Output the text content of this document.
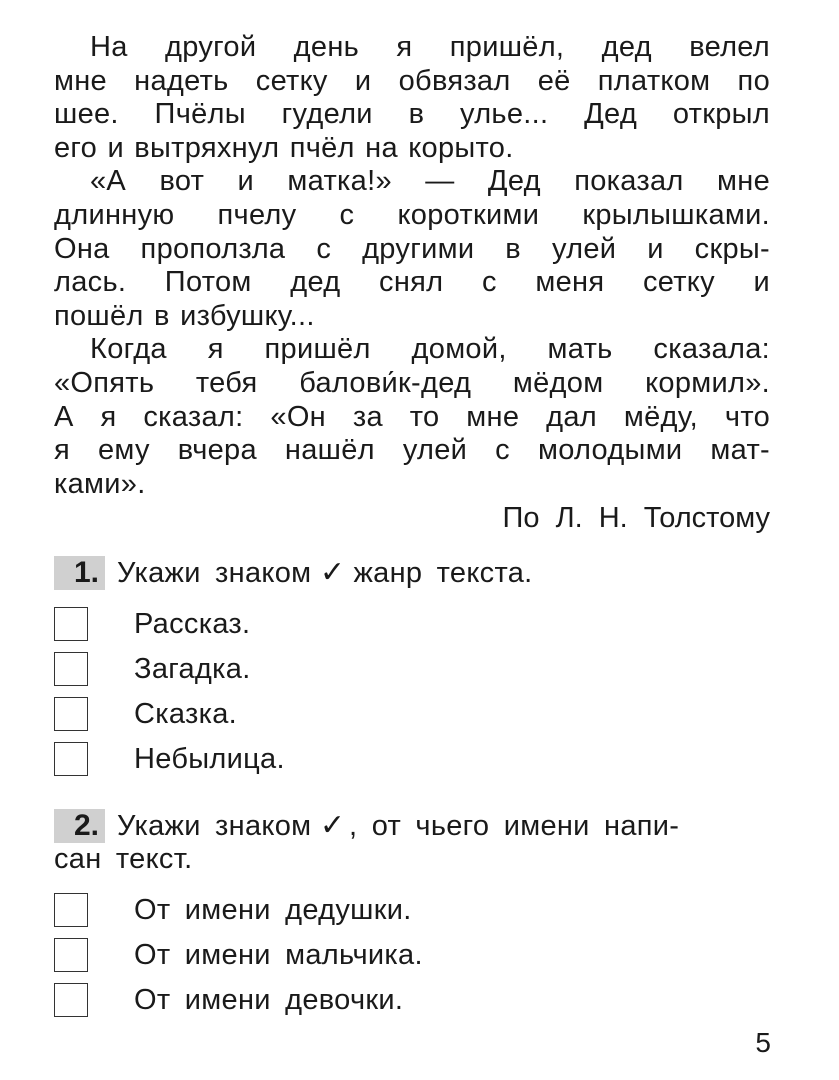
На другой день я пришёл, дед велел
мне надеть сетку и обвязал её платком по
шее. Пчёлы гудели в улье... Дед открыл
его и вытряхнул пчёл на корыто.
«А вот и матка!» — Дед показал мне
длинную пчелу с короткими крылышками.
Она проползла с другими в улей и скры-
лась. Потом дед снял с меня сетку и
пошёл в избушку...
Когда я пришёл домой, мать сказала:
«Опять тебя балови́к-дед мёдом кормил».
А я сказал: «Он за то мне дал мёду, что
я ему вчера нашёл улей с молодыми мат-
ками».
По Л. Н. Толстому
1. Укажи знаком ✓ жанр текста.
Рассказ.
Загадка.
Сказка.
Небылица.
2. Укажи знаком ✓ , от чьего имени напи-
сан текст.
От имени дедушки.
От имени мальчика.
От имени девочки.
5
